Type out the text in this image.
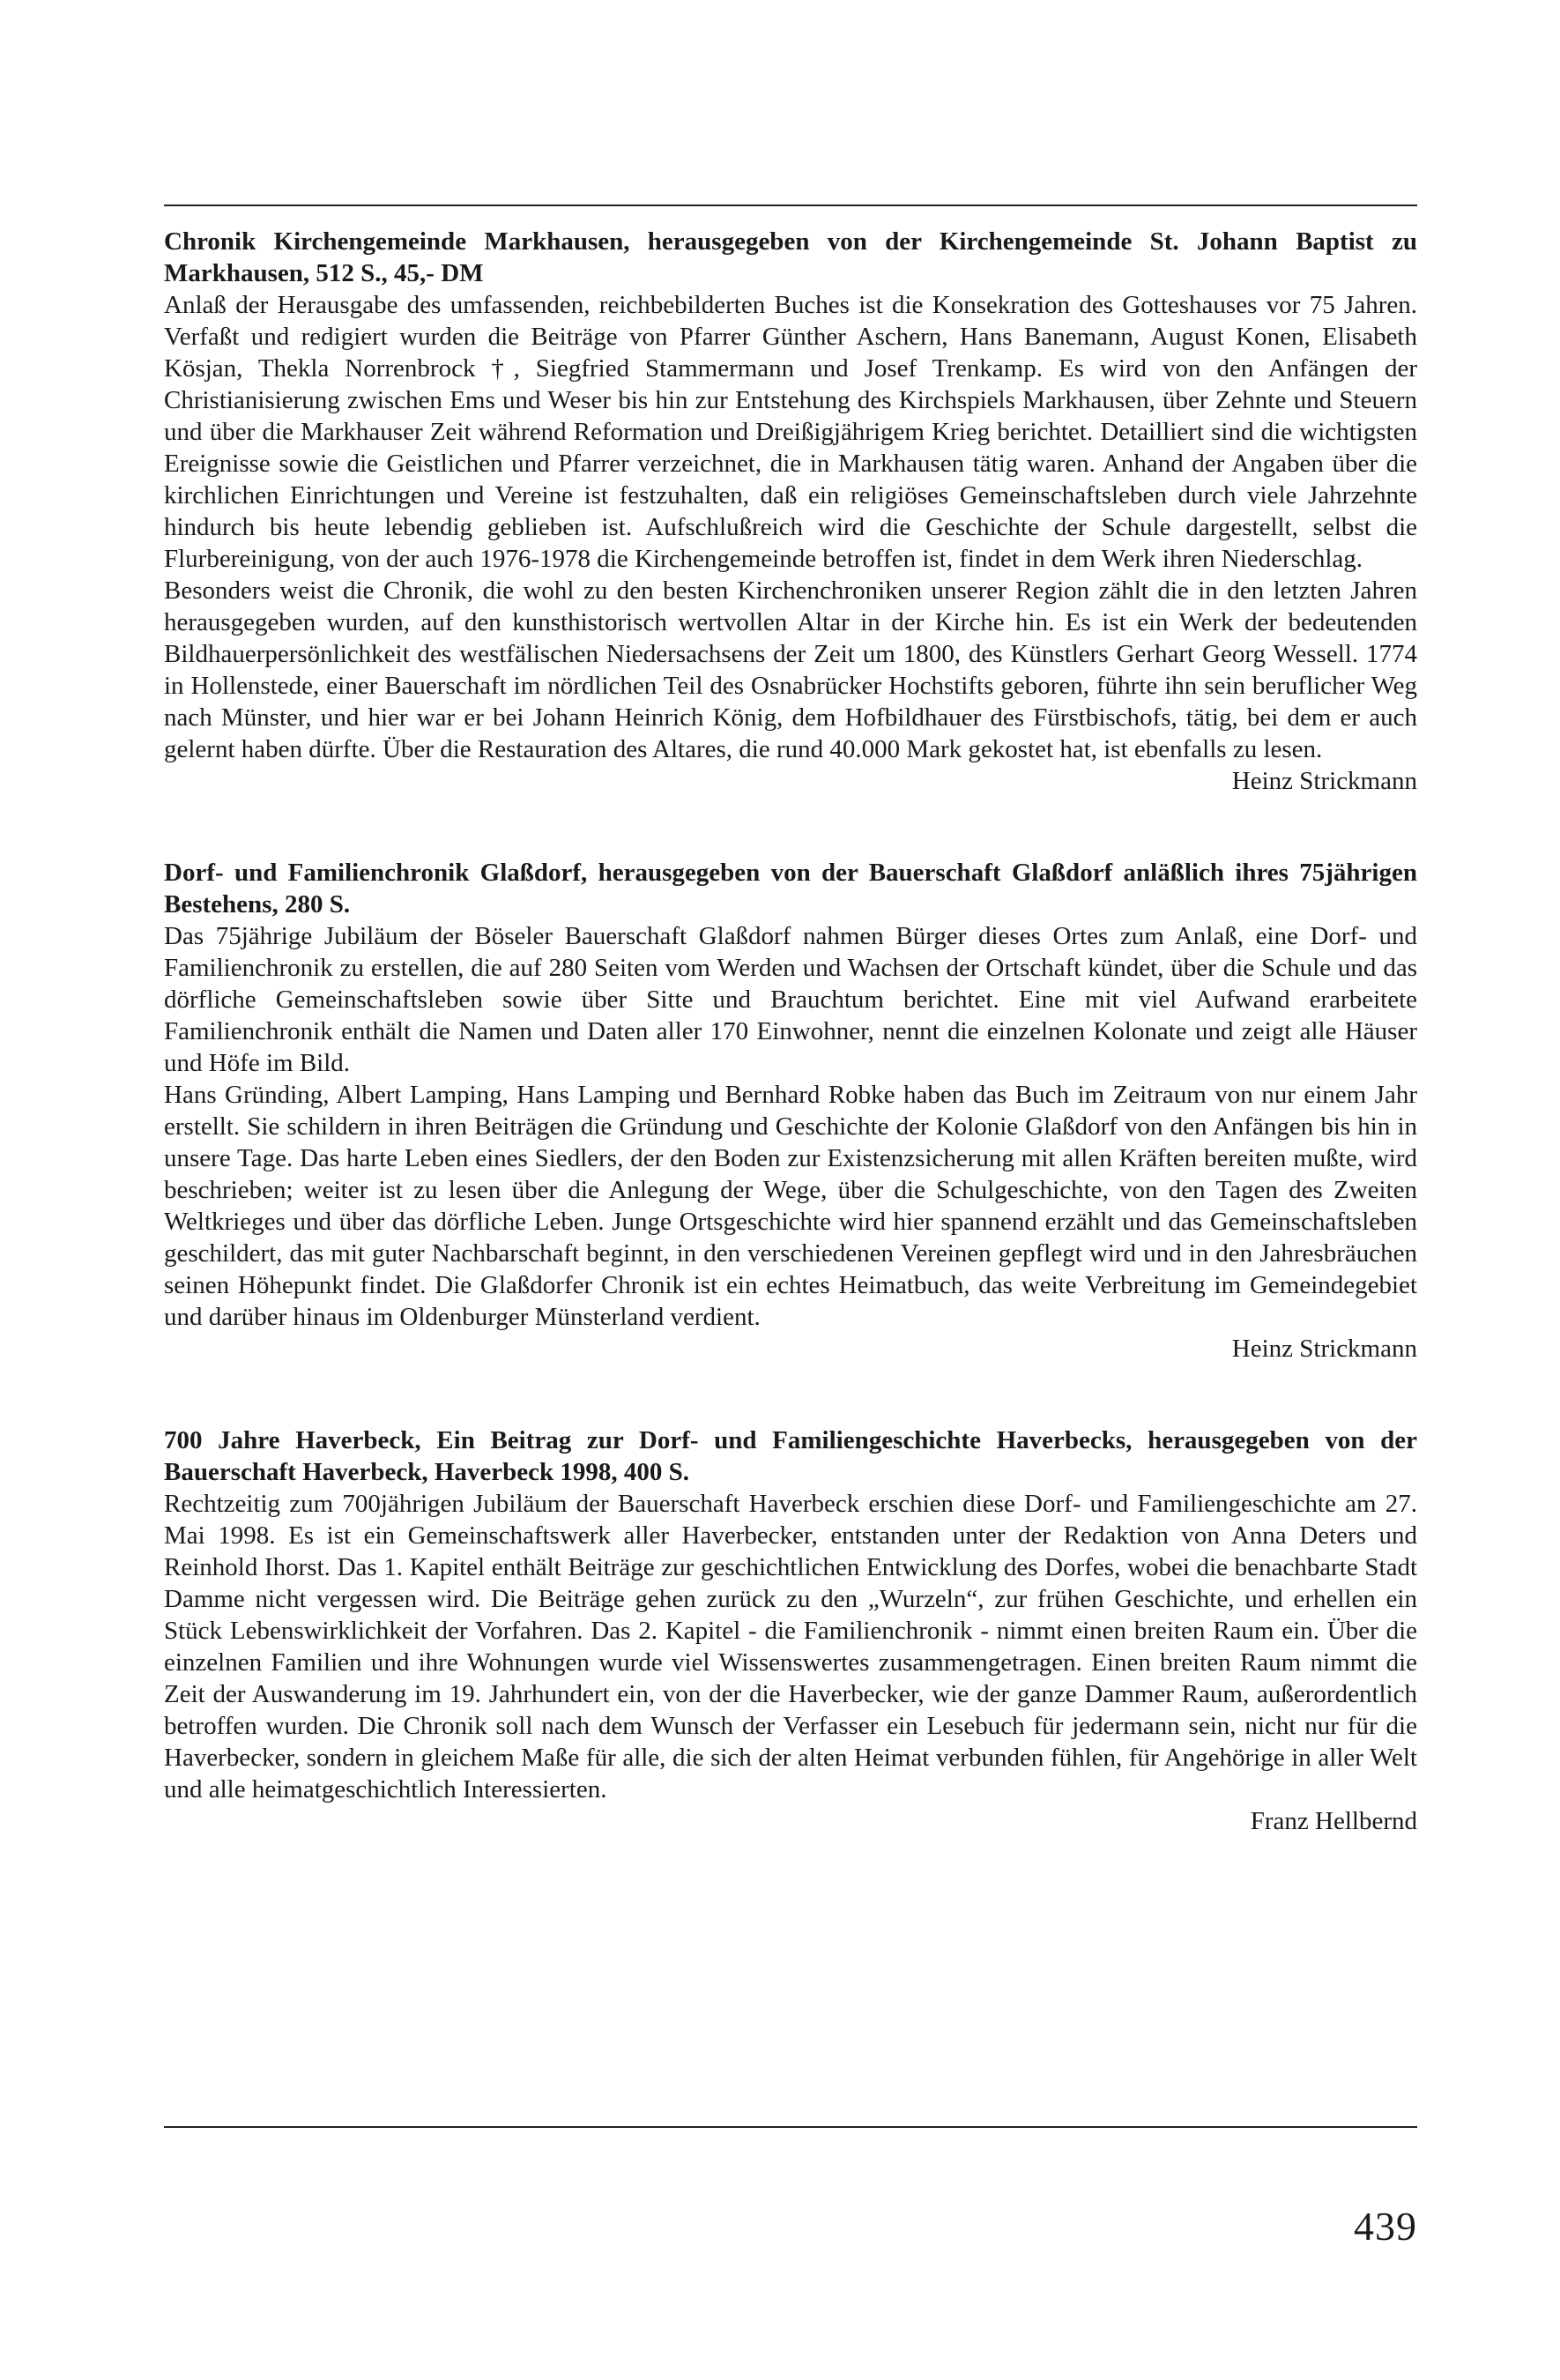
Chronik Kirchengemeinde Markhausen, herausgegeben von der Kirchengemeinde St. Johann Baptist zu Markhausen, 512 S., 45,- DM

Anlaß der Herausgabe des umfassenden, reichbebilderten Buches ist die Konsekration des Gotteshauses vor 75 Jahren. Verfaßt und redigiert wurden die Beiträge von Pfarrer Günther Aschern, Hans Banemann, August Konen, Elisabeth Kösjan, Thekla Norrenbrock †, Siegfried Stammermann und Josef Trenkamp. Es wird von den Anfängen der Christianisierung zwischen Ems und Weser bis hin zur Entstehung des Kirchspiels Markhausen, über Zehnte und Steuern und über die Markhauser Zeit während Reformation und Dreißigjährigem Krieg berichtet. Detailliert sind die wichtigsten Ereignisse sowie die Geistlichen und Pfarrer verzeichnet, die in Markhausen tätig waren. Anhand der Angaben über die kirchlichen Einrichtungen und Vereine ist festzuhalten, daß ein religiöses Gemeinschaftsleben durch viele Jahrzehnte hindurch bis heute lebendig geblieben ist. Aufschlußreich wird die Geschichte der Schule dargestellt, selbst die Flurbereinigung, von der auch 1976-1978 die Kirchengemeinde betroffen ist, findet in dem Werk ihren Niederschlag.

Besonders weist die Chronik, die wohl zu den besten Kirchenchroniken unserer Region zählt die in den letzten Jahren herausgegeben wurden, auf den kunsthistorisch wertvollen Altar in der Kirche hin. Es ist ein Werk der bedeutenden Bildhauerpersönlichkeit des westfälischen Niedersachsens der Zeit um 1800, des Künstlers Gerhart Georg Wessell. 1774 in Hollenstede, einer Bauerschaft im nördlichen Teil des Osnabrücker Hochstifts geboren, führte ihn sein beruflicher Weg nach Münster, und hier war er bei Johann Heinrich König, dem Hofbildhauer des Fürstbischofs, tätig, bei dem er auch gelernt haben dürfte. Über die Restauration des Altares, die rund 40.000 Mark gekostet hat, ist ebenfalls zu lesen.

Heinz Strickmann

Dorf- und Familienchronik Glaßdorf, herausgegeben von der Bauerschaft Glaßdorf anläßlich ihres 75jährigen Bestehens, 280 S.

Das 75jährige Jubiläum der Böseler Bauerschaft Glaßdorf nahmen Bürger dieses Ortes zum Anlaß, eine Dorf- und Familienchronik zu erstellen, die auf 280 Seiten vom Werden und Wachsen der Ortschaft kündet, über die Schule und das dörfliche Gemeinschaftsleben sowie über Sitte und Brauchtum berichtet. Eine mit viel Aufwand erarbeitete Familienchronik enthält die Namen und Daten aller 170 Einwohner, nennt die einzelnen Kolonate und zeigt alle Häuser und Höfe im Bild.

Hans Gründing, Albert Lamping, Hans Lamping und Bernhard Robke haben das Buch im Zeitraum von nur einem Jahr erstellt. Sie schildern in ihren Beiträgen die Gründung und Geschichte der Kolonie Glaßdorf von den Anfängen bis hin in unsere Tage. Das harte Leben eines Siedlers, der den Boden zur Existenzsicherung mit allen Kräften bereiten mußte, wird beschrieben; weiter ist zu lesen über die Anlegung der Wege, über die Schulgeschichte, von den Tagen des Zweiten Weltkrieges und über das dörfliche Leben. Junge Ortsgeschichte wird hier spannend erzählt und das Gemeinschaftsleben geschildert, das mit guter Nachbarschaft beginnt, in den verschiedenen Vereinen gepflegt wird und in den Jahresbräuchen seinen Höhepunkt findet. Die Glaßdorfer Chronik ist ein echtes Heimatbuch, das weite Verbreitung im Gemeindegebiet und darüber hinaus im Oldenburger Münsterland verdient.

Heinz Strickmann

700 Jahre Haverbeck, Ein Beitrag zur Dorf- und Familiengeschichte Haverbecks, herausgegeben von der Bauerschaft Haverbeck, Haverbeck 1998, 400 S.

Rechtzeitig zum 700jährigen Jubiläum der Bauerschaft Haverbeck erschien diese Dorf- und Familiengeschichte am 27. Mai 1998. Es ist ein Gemeinschaftswerk aller Haverbecker, entstanden unter der Redaktion von Anna Deters und Reinhold Ihorst. Das 1. Kapitel enthält Beiträge zur geschichtlichen Entwicklung des Dorfes, wobei die benachbarte Stadt Damme nicht vergessen wird. Die Beiträge gehen zurück zu den „Wurzeln“, zur frühen Geschichte, und erhellen ein Stück Lebenswirklichkeit der Vorfahren. Das 2. Kapitel - die Familienchronik - nimmt einen breiten Raum ein. Über die einzelnen Familien und ihre Wohnungen wurde viel Wissenswertes zusammengetragen. Einen breiten Raum nimmt die Zeit der Auswanderung im 19. Jahrhundert ein, von der die Haverbecker, wie der ganze Dammer Raum, außerordentlich betroffen wurden. Die Chronik soll nach dem Wunsch der Verfasser ein Lesebuch für jedermann sein, nicht nur für die Haverbecker, sondern in gleichem Maße für alle, die sich der alten Heimat verbunden fühlen, für Angehörige in aller Welt und alle heimatgeschichtlich Interessierten.

Franz Hellbernd

439
